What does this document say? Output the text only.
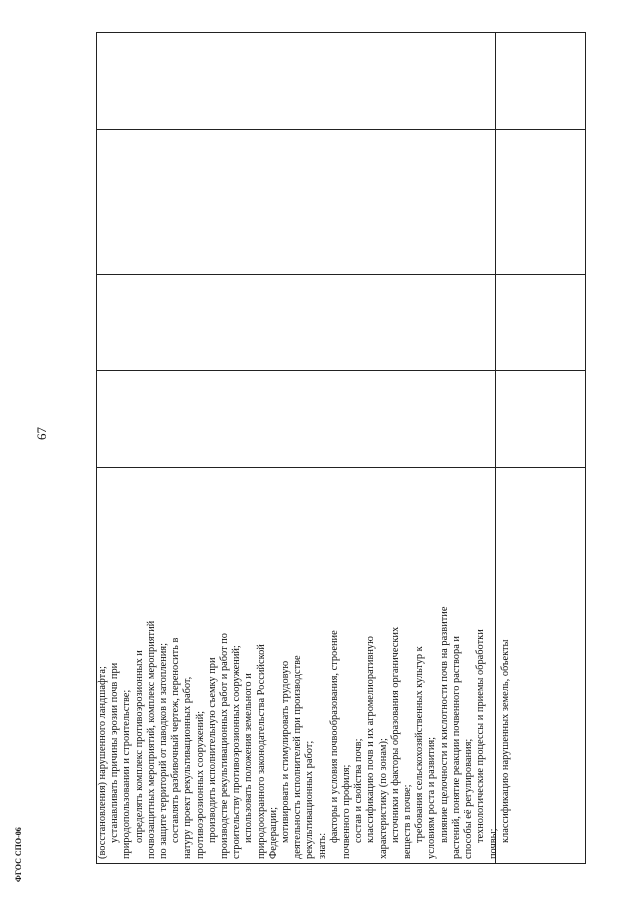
67

(восстановления) нарушенного ландшафта; устанавливать причины эрозии почв при природопользовании и строительстве; определять комплекс противоэрозионных и почвозащитных мероприятий, комплекс мероприятий по защите территорий от паводков и затопления; составлять разбивочный чертеж, переносить в натуру проект рекультивационных работ, противоэрозионных сооружений; производить исполнительную съемку при производстве рекультивационных работ и работ по строительству противоэрозионных сооружений; использовать положения земельного и природоохранного законодательства Российской Федерации; мотивировать и стимулировать трудовую деятельность исполнителей при производстве рекультивационных работ; знать:

факторы и условия почвообразования, строение почвенного профиля; состав и свойства почв; классификацию почв и их агромелиоративную характеристику (по зонам); источники и факторы образования органических веществ в почве; требования сельскохозяйственных культур к условиям роста и развития; влияние щелочности и кислотности почв на развитие растений, понятие реакции почвенного раствора и способы её регулирования; технологические процессы и приемы обработки

почвы;

классификацию нарушенных земель, объекты

ФГОС СПО-06
